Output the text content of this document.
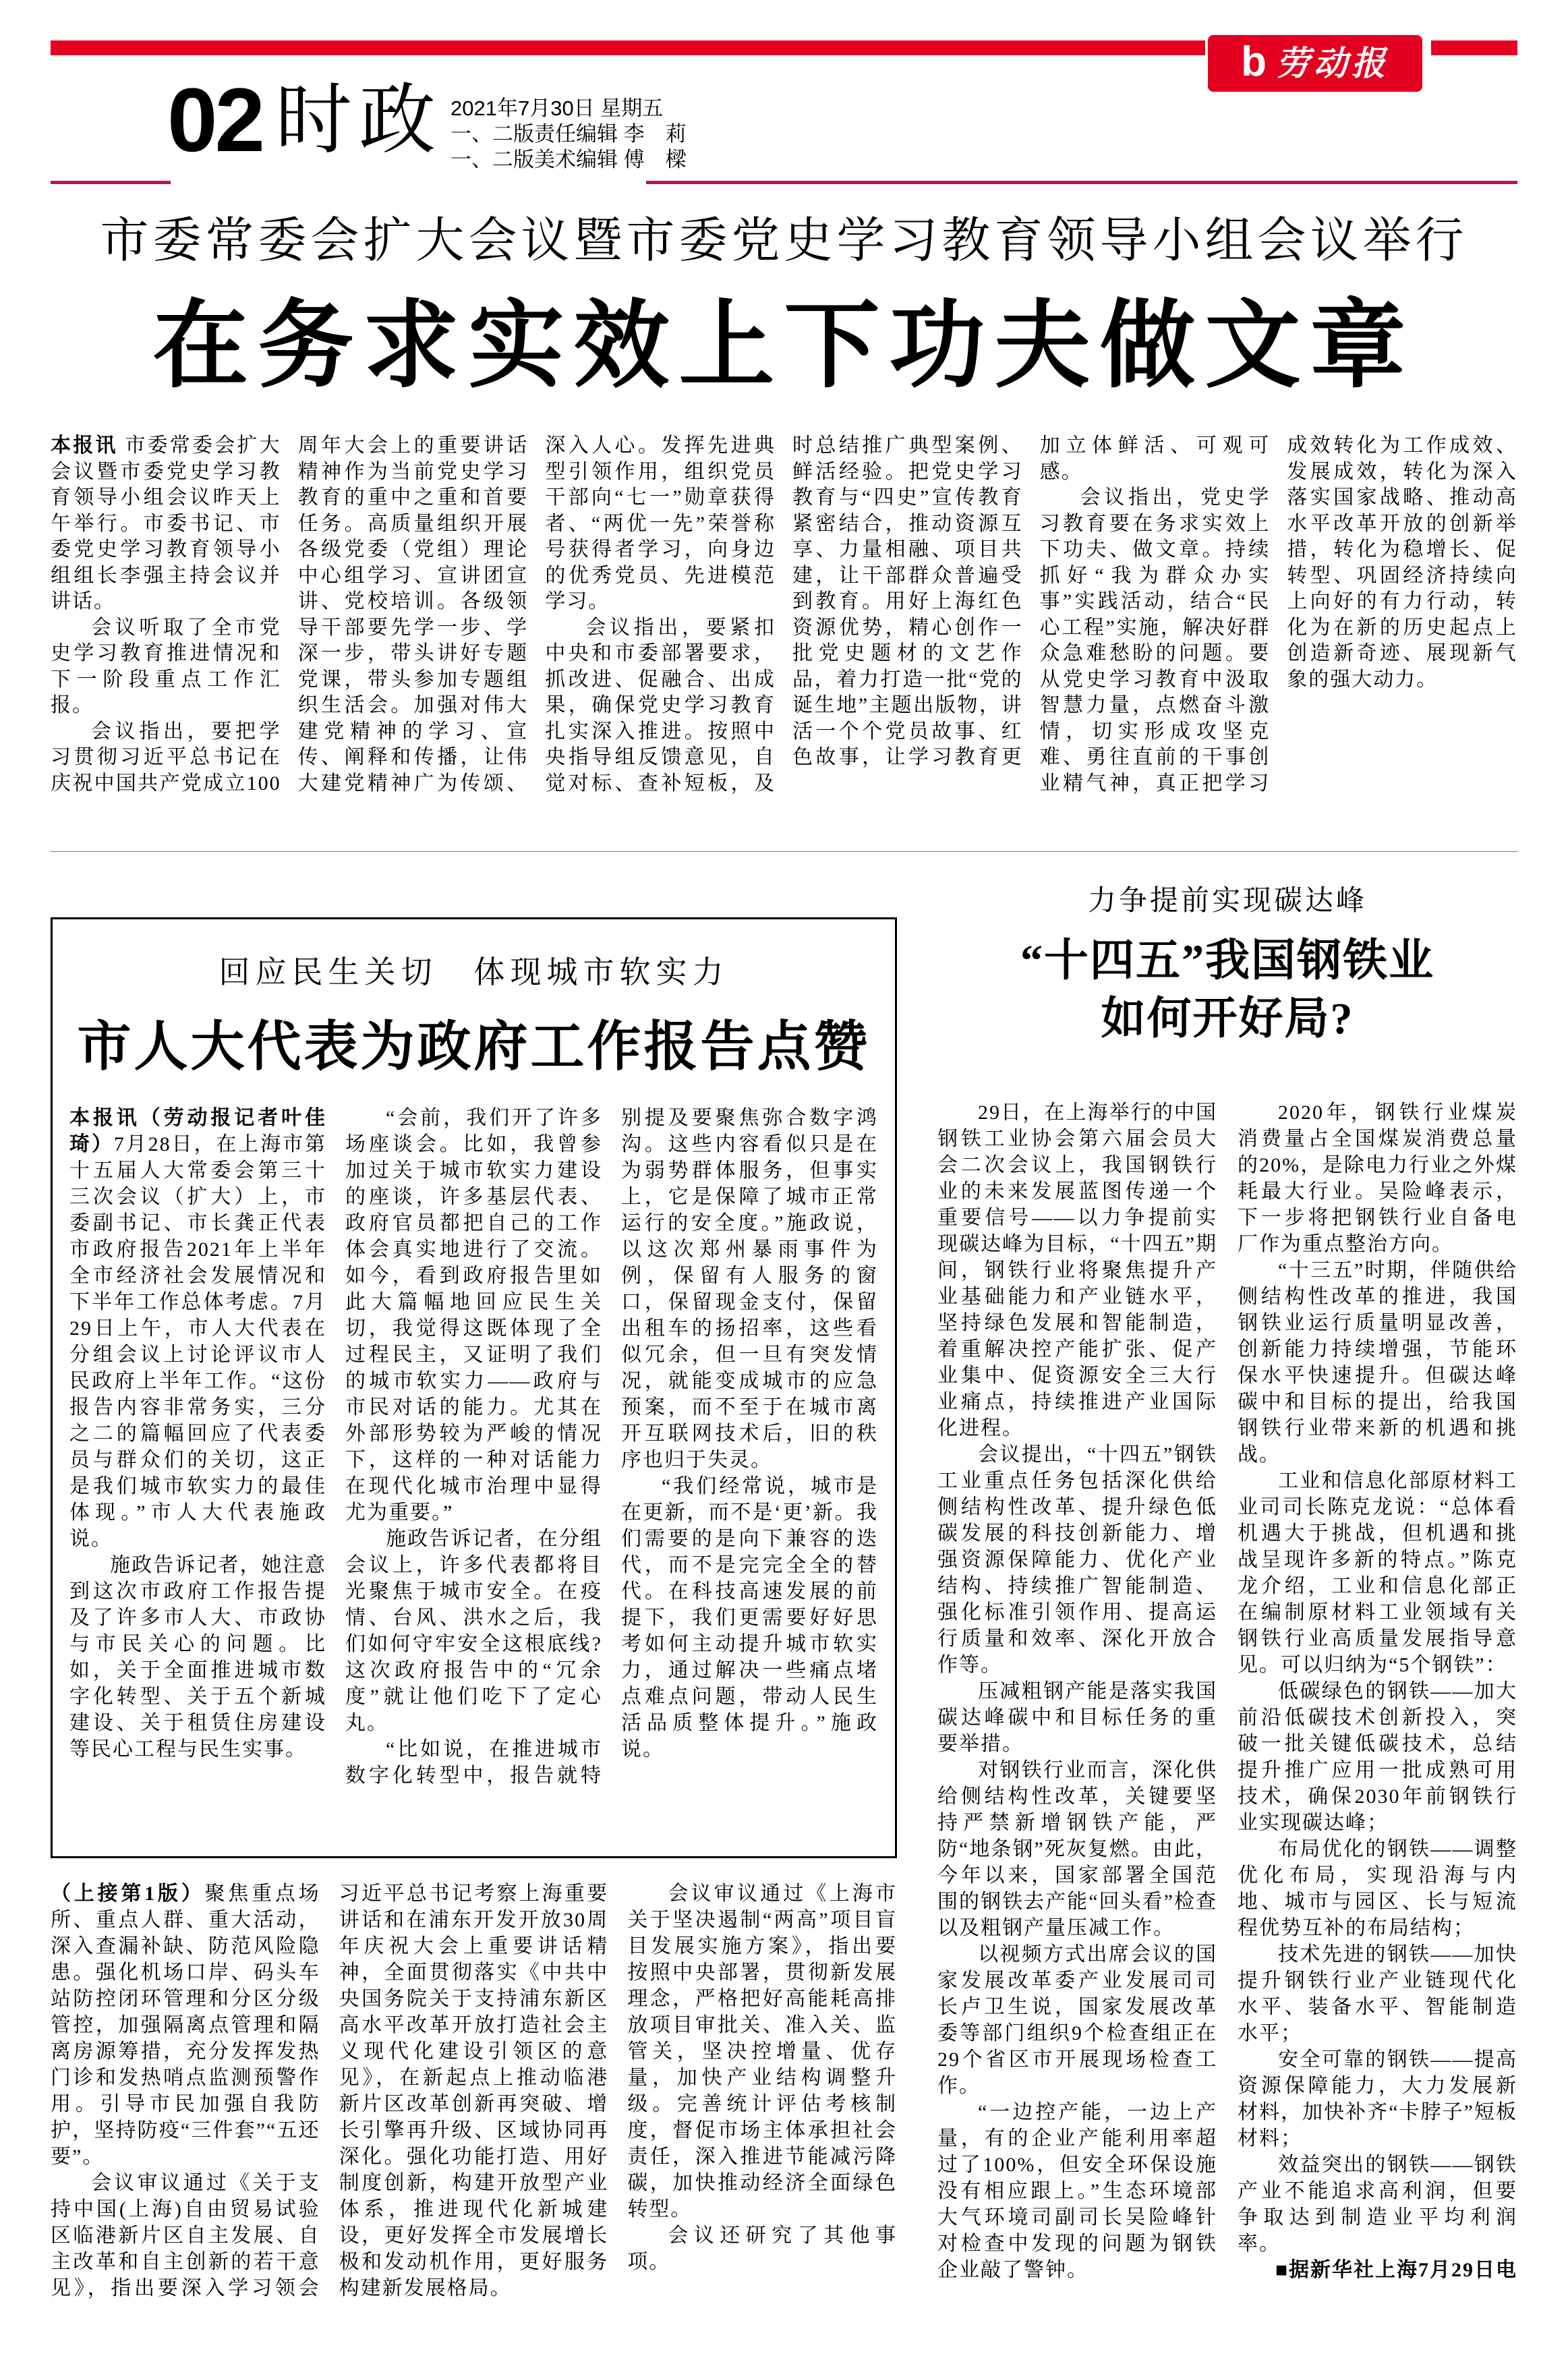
b 劳动报
02 时政 2021年7月30日 星期五
一、二版责任编辑 李　莉
一、二版美术编辑 傅　樑
市委常委会扩大会议暨市委党史学习教育领导小组会议举行
在务求实效上下功夫做文章

本报讯 市委常委会扩大会议暨市委党史学习教育领导小组会议昨天上午举行。市委书记、市委党史学习教育领导小组组长李强主持会议并讲话。

会议听取了全市党史学习教育推进情况和下一阶段重点工作汇报。

会议指出，要把学习贯彻习近平总书记在庆祝中国共产党成立100周年大会上的重要讲话精神作为当前党史学习教育的重中之重和首要任务。高质量组织开展各级党委（党组）理论中心组学习、宣讲团宣讲、党校培训。各级领导干部要先学一步、学深一步，带头讲好专题党课，带头参加专题组织生活会。加强对伟大建党精神的学习、宣传、阐释和传播，让伟大建党精神广为传颂、深入人心。发挥先进典型引领作用，组织党员干部向“七一”勋章获得者、“两优一先”荣誉称号获得者学习，向身边的优秀党员、先进模范学习。

会议指出，要紧扣中央和市委部署要求，抓改进、促融合、出成果，确保党史学习教育扎实深入推进。按照中央指导组反馈意见，自觉对标、查补短板，及时总结推广典型案例、鲜活经验。把党史学习教育与“四史”宣传教育紧密结合，推动资源互享、力量相融、项目共建，让干部群众普遍受到教育。用好上海红色资源优势，精心创作一批党史题材的文艺作品，着力打造一批“党的诞生地”主题出版物，讲活一个个党员故事、红色故事，让学习教育更加立体鲜活、可观可感。

会议指出，党史学习教育要在务求实效上下功夫、做文章。持续抓好“我为群众办实事”实践活动，结合“民心工程”实施，解决好群众急难愁盼的问题。要从党史学习教育中汲取智慧力量，点燃奋斗激情，切实形成攻坚克难、勇往直前的干事创业精气神，真正把学习成效转化为工作成效、发展成效，转化为深入落实国家战略、推动高水平改革开放的创新举措，转化为稳增长、促转型、巩固经济持续向上向好的有力行动，转化为在新的历史起点上创造新奇迹、展现新气象的强大动力。

回应民生关切　体现城市软实力
市人大代表为政府工作报告点赞

本报讯（劳动报记者叶佳琦）7月28日，在上海市第十五届人大常委会第三十三次会议（扩大）上，市委副书记、市长龚正代表市政府报告2021年上半年全市经济社会发展情况和下半年工作总体考虑。7月29日上午，市人大代表在分组会议上讨论评议市人民政府上半年工作。“这份报告内容非常务实，三分之二的篇幅回应了代表委员与群众们的关切，这正是我们城市软实力的最佳体现。”市人大代表施政说。

施政告诉记者，她注意到这次市政府工作报告提及了许多市人大、市政协与市民关心的问题。比如，关于全面推进城市数字化转型、关于五个新城建设、关于租赁住房建设等民心工程与民生实事。

“会前，我们开了许多场座谈会。比如，我曾参加过关于城市软实力建设的座谈，许多基层代表、政府官员都把自己的工作体会真实地进行了交流。如今，看到政府报告里如此大篇幅地回应民生关切，我觉得这既体现了全过程民主，又证明了我们的城市软实力——政府与市民对话的能力。尤其在外部形势较为严峻的情况下，这样的一种对话能力在现代化城市治理中显得尤为重要。”

施政告诉记者，在分组会议上，许多代表都将目光聚焦于城市安全。在疫情、台风、洪水之后，我们如何守牢安全这根底线?这次政府报告中的“冗余度”就让他们吃下了定心丸。

“比如说，在推进城市数字化转型中，报告就特别提及要聚焦弥合数字鸿沟。这些内容看似只是在为弱势群体服务，但事实上，它是保障了城市正常运行的安全度。”施政说，以这次郑州暴雨事件为例，保留有人服务的窗口，保留现金支付，保留出租车的扬招率，这些看似冗余，但一旦有突发情况，就能变成城市的应急预案，而不至于在城市离开互联网技术后，旧的秩序也归于失灵。

“我们经常说，城市是在更新，而不是‘更’新。我们需要的是向下兼容的迭代，而不是完完全全的替代。在科技高速发展的前提下，我们更需要好好思考如何主动提升城市软实力，通过解决一些痛点堵点难点问题，带动人民生活品质整体提升。”施政说。

力争提前实现碳达峰
“十四五”我国钢铁业
如何开好局?

29日，在上海举行的中国钢铁工业协会第六届会员大会二次会议上，我国钢铁行业的未来发展蓝图传递一个重要信号——以力争提前实现碳达峰为目标，“十四五”期间，钢铁行业将聚焦提升产业基础能力和产业链水平，坚持绿色发展和智能制造，着重解决控产能扩张、促产业集中、促资源安全三大行业痛点，持续推进产业国际化进程。

会议提出，“十四五”钢铁工业重点任务包括深化供给侧结构性改革、提升绿色低碳发展的科技创新能力、增强资源保障能力、优化产业结构、持续推广智能制造、强化标准引领作用、提高运行质量和效率、深化开放合作等。

压减粗钢产能是落实我国碳达峰碳中和目标任务的重要举措。

对钢铁行业而言，深化供给侧结构性改革，关键要坚持严禁新增钢铁产能，严防“地条钢”死灰复燃。由此，今年以来，国家部署全国范围的钢铁去产能“回头看”检查以及粗钢产量压减工作。

以视频方式出席会议的国家发展改革委产业发展司司长卢卫生说，国家发展改革委等部门组织9个检查组正在29个省区市开展现场检查工作。

“一边控产能，一边上产量，有的企业产能利用率超过了100%，但安全环保设施没有相应跟上。”生态环境部大气环境司副司长吴险峰针对检查中发现的问题为钢铁企业敲了警钟。

2020年，钢铁行业煤炭消费量占全国煤炭消费总量的20%，是除电力行业之外煤耗最大行业。吴险峰表示，下一步将把钢铁行业自备电厂作为重点整治方向。

“十三五”时期，伴随供给侧结构性改革的推进，我国钢铁业运行质量明显改善，创新能力持续增强，节能环保水平快速提升。但碳达峰碳中和目标的提出，给我国钢铁行业带来新的机遇和挑战。

工业和信息化部原材料工业司司长陈克龙说：“总体看机遇大于挑战，但机遇和挑战呈现许多新的特点。”陈克龙介绍，工业和信息化部正在编制原材料工业领域有关钢铁行业高质量发展指导意见。可以归纳为“5个钢铁”：

低碳绿色的钢铁——加大前沿低碳技术创新投入，突破一批关键低碳技术，总结提升推广应用一批成熟可用技术，确保2030年前钢铁行业实现碳达峰；

布局优化的钢铁——调整优化布局，实现沿海与内地、城市与园区、长与短流程优势互补的布局结构；

技术先进的钢铁——加快提升钢铁行业产业链现代化水平、装备水平、智能制造水平；

安全可靠的钢铁——提高资源保障能力，大力发展新材料，加快补齐“卡脖子”短板材料；

效益突出的钢铁——钢铁产业不能追求高利润，但要争取达到制造业平均利润率。

■据新华社上海7月29日电

（上接第1版）聚焦重点场所、重点人群、重大活动，深入查漏补缺、防范风险隐患。强化机场口岸、码头车站防控闭环管理和分区分级管控，加强隔离点管理和隔离房源筹措，充分发挥发热门诊和发热哨点监测预警作用。引导市民加强自我防护，坚持防疫“三件套”“五还要”。

会议审议通过《关于支持中国(上海)自由贸易试验区临港新片区自主发展、自主改革和自主创新的若干意见》，指出要深入学习领会习近平总书记考察上海重要讲话和在浦东开发开放30周年庆祝大会上重要讲话精神，全面贯彻落实《中共中央国务院关于支持浦东新区高水平改革开放打造社会主义现代化建设引领区的意见》，在新起点上推动临港新片区改革创新再突破、增长引擎再升级、区域协同再深化。强化功能打造、用好制度创新，构建开放型产业体系，推进现代化新城建设，更好发挥全市发展增长极和发动机作用，更好服务构建新发展格局。

会议审议通过《上海市关于坚决遏制“两高”项目盲目发展实施方案》，指出要按照中央部署，贯彻新发展理念，严格把好高能耗高排放项目审批关、准入关、监管关，坚决控增量、优存量，加快产业结构调整升级。完善统计评估考核制度，督促市场主体承担社会责任，深入推进节能减污降碳，加快推动经济全面绿色转型。

会议还研究了其他事项。
